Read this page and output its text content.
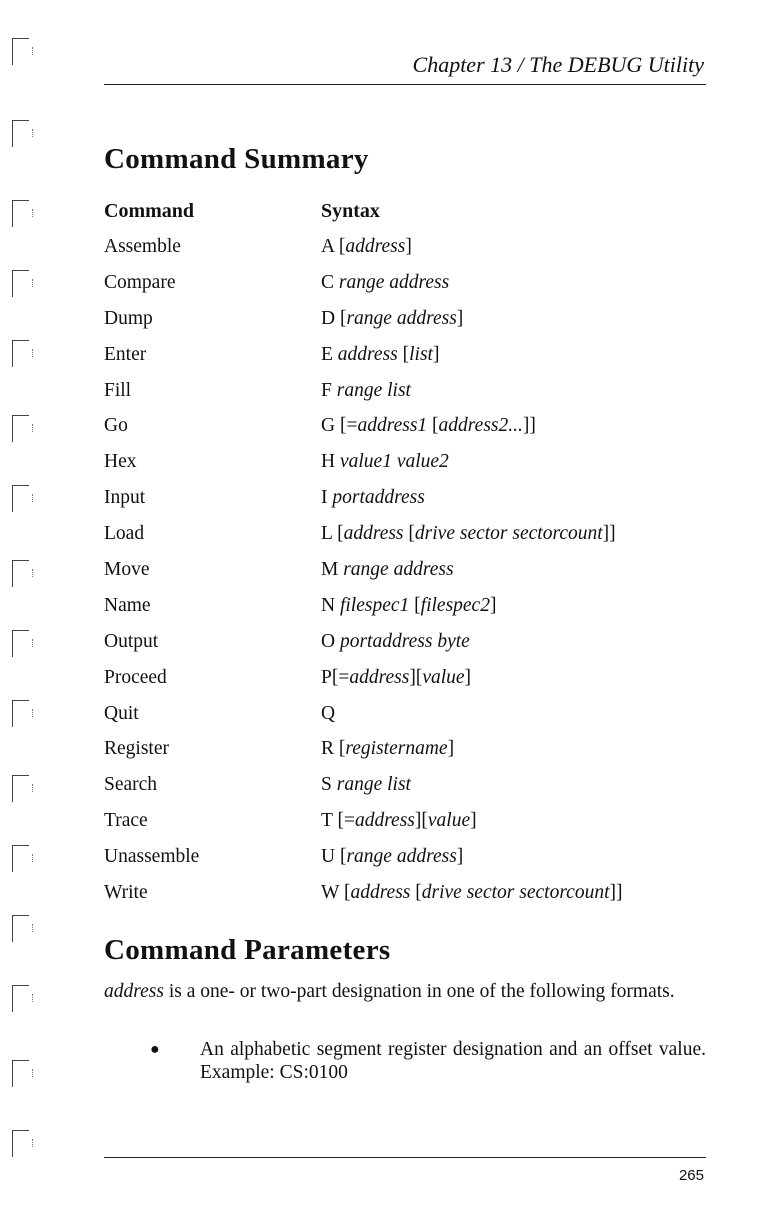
Chapter 13 / The DEBUG Utility
Command Summary
Command	Syntax
Assemble	A [address]
Compare	C range address
Dump	D [range address]
Enter	E address [list]
Fill	F range list
Go	G [=address1 [address2...]]
Hex	H value1 value2
Input	I portaddress
Load	L [address [drive sector sectorcount]]
Move	M range address
Name	N filespec1 [filespec2]
Output	O portaddress byte
Proceed	P[=address][value]
Quit	Q
Register	R [registername]
Search	S range list
Trace	T [=address][value]
Unassemble	U [range address]
Write	W [address [drive sector sectorcount]]
Command Parameters
address is a one- or two-part designation in one of the following formats.
● An alphabetic segment register designation and an offset value. Example: CS:0100
265
